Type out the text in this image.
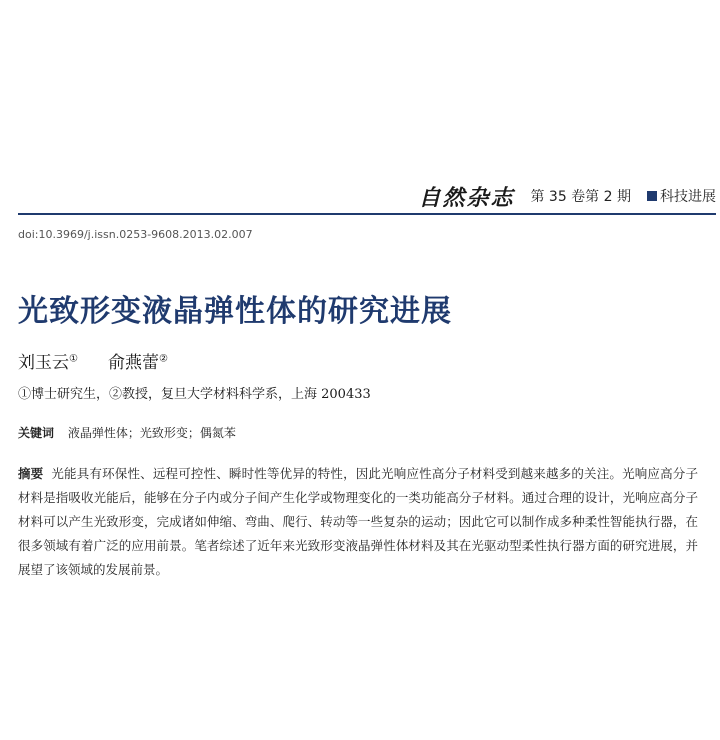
自然杂志 第 35 卷第 2 期 科技进展
doi:10.3969/j.issn.0253-9608.2013.02.007
光致形变液晶弹性体的研究进展
刘玉云① 俞燕蕾②
①博士研究生，②教授，复旦大学材料科学系，上海 200433
关键词 液晶弹性体；光致形变；偶氮苯

摘要 光能具有环保性、远程可控性、瞬时性等优异的特性，因此光响应性高分子材料受到越来越多的关注。光响应高分子材料是指吸收光能后，能够在分子内或分子间产生化学或物理变化的一类功能高分子材料。通过合理的设计，光响应高分子材料可以产生光致形变，完成诸如伸缩、弯曲、爬行、转动等一些复杂的运动；因此它可以制作成多种柔性智能执行器，在很多领域有着广泛的应用前景。笔者综述了近年来光致形变液晶弹性体材料及其在光驱动型柔性执行器方面的研究进展，并展望了该领域的发展前景。
